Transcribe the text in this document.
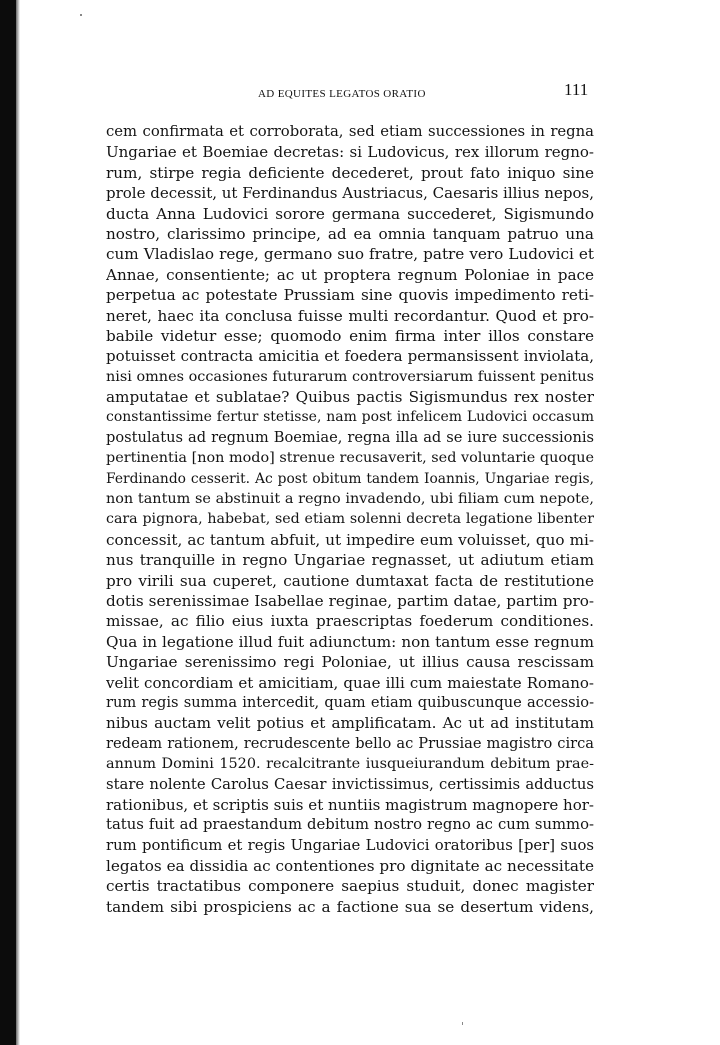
AD EQUITES LEGATOS ORATIO	111
cem confirmata et corroborata, sed etiam successiones in regna
Ungariae et Boemiae decretas: si Ludovicus, rex illorum regno-
rum, stirpe regia deficiente decederet, prout fato iniquo sine
prole decessit, ut Ferdinandus Austriacus, Caesaris illius nepos,
ducta Anna Ludovici sorore germana succederet, Sigismundo
nostro, clarissimo principe, ad ea omnia tanquam patruo una
cum Vladislao rege, germano suo fratre, patre vero Ludovici et
Annae, consentiente; ac ut proptera regnum Poloniae in pace
perpetua ac potestate Prussiam sine quovis impedimento reti-
neret, haec ita conclusa fuisse multi recordantur. Quod et pro-
babile videtur esse; quomodo enim firma inter illos constare
potuisset contracta amicitia et foedera permansissent inviolata,
nisi omnes occasiones futurarum controversiarum fuissent penitus
amputatae et sublatae? Quibus pactis Sigismundus rex noster
constantissime fertur stetisse, nam post infelicem Ludovici occasum
postulatus ad regnum Boemiae, regna illa ad se iure successionis
pertinentia [non modo] strenue recusaverit, sed voluntarie quoque
Ferdinando cesserit. Ac post obitum tandem Ioannis, Ungariae regis,
non tantum se abstinuit a regno invadendo, ubi filiam cum nepote,
cara pignora, habebat, sed etiam solenni decreta legatione libenter
concessit, ac tantum abfuit, ut impedire eum voluisset, quo mi-
nus tranquille in regno Ungariae regnasset, ut adiutum etiam
pro virili sua cuperet, cautione dumtaxat facta de restitutione
dotis serenissimae Isabellae reginae, partim datae, partim pro-
missae, ac filio eius iuxta praescriptas foederum conditiones.
Qua in legatione illud fuit adiunctum: non tantum esse regnum
Ungariae serenissimo regi Poloniae, ut illius causa rescissam
velit concordiam et amicitiam, quae illi cum maiestate Romano-
rum regis summa intercedit, quam etiam quibuscunque accessio-
nibus auctam velit potius et amplificatam. Ac ut ad institutam
redeam rationem, recrudescente bello ac Prussiae magistro circa
annum Domini 1520. recalcitrante iusqueiurandum debitum prae-
stare nolente Carolus Caesar invictissimus, certissimis adductus
rationibus, et scriptis suis et nuntiis magistrum magnopere hor-
tatus fuit ad praestandum debitum nostro regno ac cum summo-
rum pontificum et regis Ungariae Ludovici oratoribus [per] suos
legatos ea dissidia ac contentiones pro dignitate ac necessitate
certis tractatibus componere saepius studuit, donec magister
tandem sibi prospiciens ac a factione sua se desertum videns,
